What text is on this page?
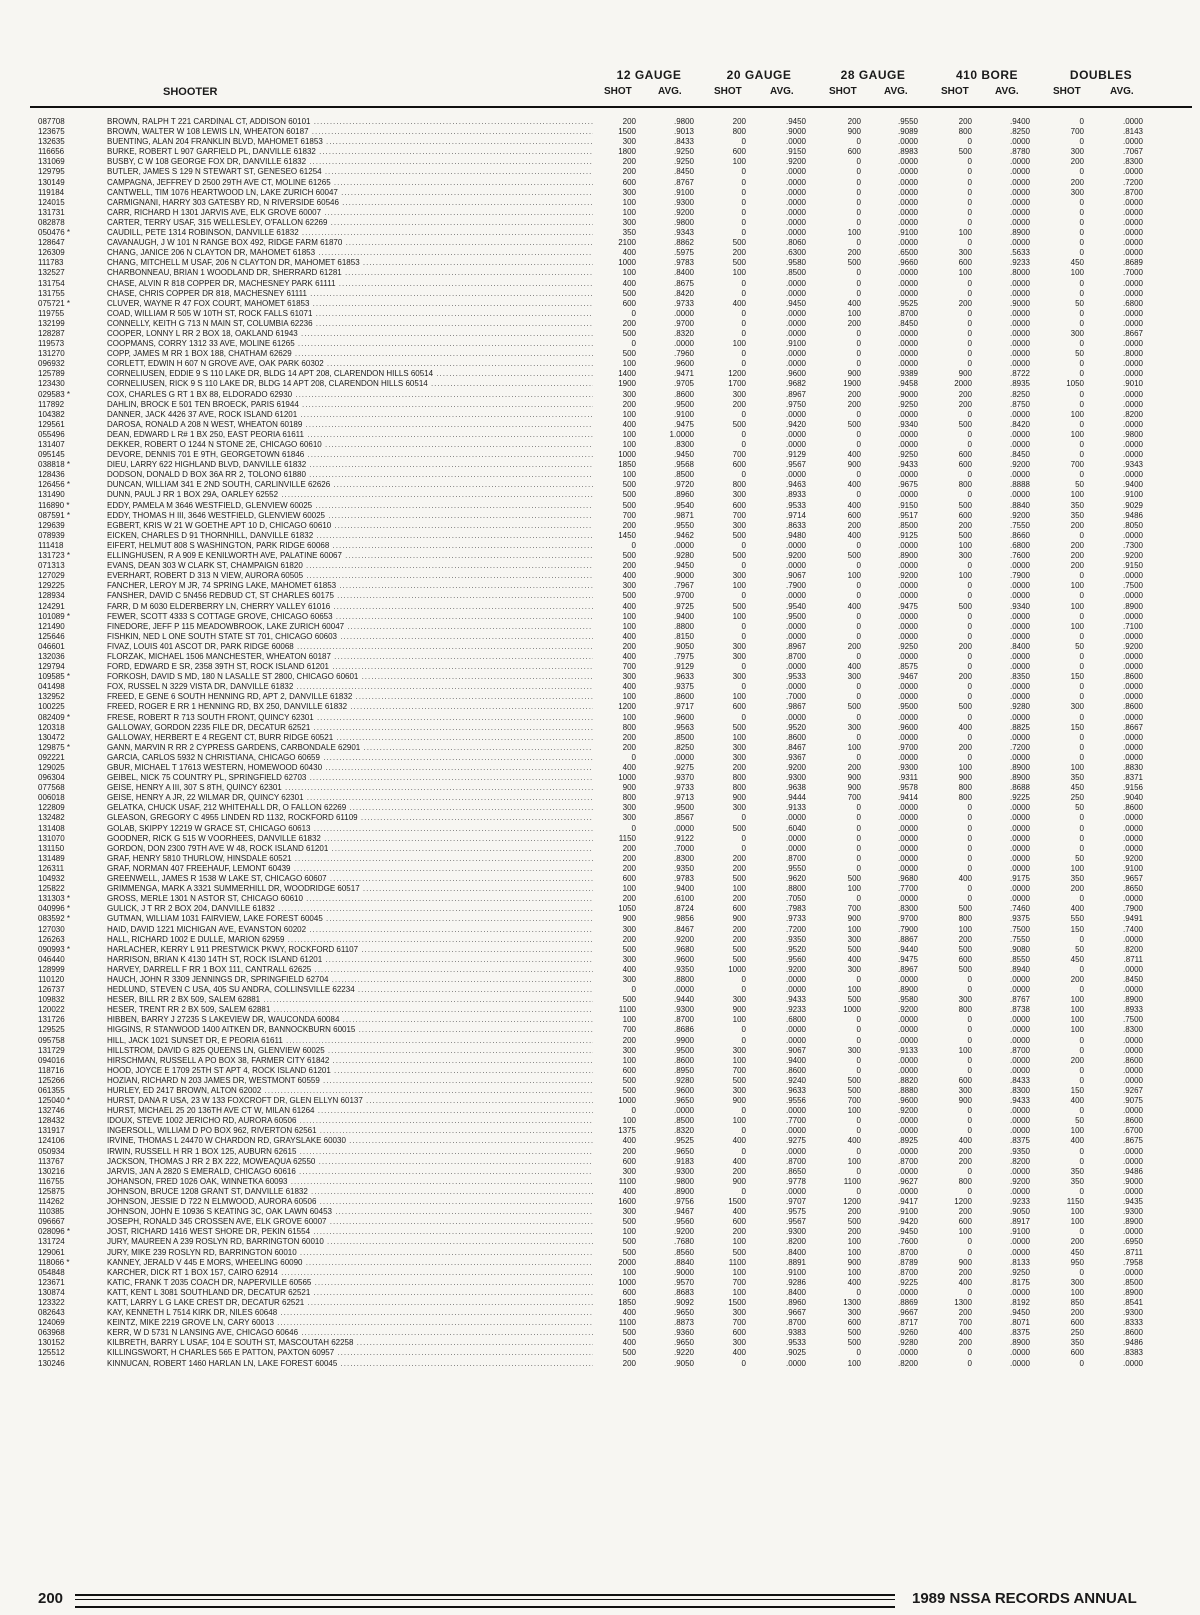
12 GAUGE	20 GAUGE	28 GAUGE	410 BORE	DOUBLES
SHOOTER	SHOT	AVG.	SHOT	AVG.	SHOT	AVG.	SHOT	AVG.	SHOT	AVG.
087708	BROWN, RALPH T 221 CARDINAL CT, ADDISON 60101 .....	200	.9800	200	.9450	200	.9550	200	.9400	0	.0000
123675	BROWN, WALTER W 108 LEWIS LN, WHEATON 60187 .....	1500	.9013	800	.9000	900	.9089	800	.8250	700	.8143
132635	BUENTING, ALAN 204 FRANKLIN BLVD, MAHOMET 61853 .....	300	.8433	0	.0000	0	.0000	0	.0000	0	.0000
116656	BURKE, ROBERT L 907 GARFIELD PL, DANVILLE 61832 .....	1800	.9250	600	.9150	600	.8983	500	.8780	300	.7067
131069	BUSBY, C W 108 GEORGE FOX DR, DANVILLE 61832 .....	200	.9250	100	.9200	0	.0000	0	.0000	200	.8300
129795	BUTLER, JAMES S 129 N STEWART ST, GENESEO 61254 .....	200	.8450	0	.0000	0	.0000	0	.0000	0	.0000
130149	CAMPAGNA, JEFFREY D 2500 29TH AVE CT, MOLINE 61265 .....	600	.8767	0	.0000	0	.0000	0	.0000	200	.7200
119184	CANTWELL, TIM 1076 HEARTWOOD LN, LAKE ZURICH 60047 .....	300	.9100	0	.0000	0	.0000	0	.0000	300	.8700
124015	CARMIGNANI, HARRY 303 GATESBY RD, N RIVERSIDE 60546 .....	100	.9300	0	.0000	0	.0000	0	.0000	0	.0000
131731	CARR, RICHARD H 1301 JARVIS AVE, ELK GROVE 60007 .....	100	.9200	0	.0000	0	.0000	0	.0000	0	.0000
082878	CARTER, TERRY USAF, 315 WELLESLEY, O'FALLON 62269 .....	300	.9800	0	.0000	0	.0000	0	.0000	0	.0000
050476 *	CAUDILL, PETE 1314 ROBINSON, DANVILLE 61832 .....	350	.9343	0	.0000	100	.9100	100	.8900	0	.0000
128647	CAVANAUGH, J W 101 N RANGE BOX 492, RIDGE FARM 61870 .....	2100	.8862	500	.8060	0	.0000	0	.0000	0	.0000
126309	CHANG, JANICE 206 N CLAYTON DR, MAHOMET 61853 .....	400	.5975	200	.6300	200	.6500	300	.5633	0	.0000
111783	CHANG, MITCHELL M USAF, 206 N CLAYTON DR, MAHOMET 61853 .....	1000	.9783	500	.9580	500	.9660	600	.9233	450	.8689
132527	CHARBONNEAU, BRIAN 1 WOODLAND DR, SHERRARD 61281 .....	100	.8400	100	.8500	0	.0000	100	.8000	100	.7000
131754	CHASE, ALVIN R 818 COPPER DR, MACHESNEY PARK 61111 .....	400	.8675	0	.0000	0	.0000	0	.0000	0	.0000
131755	CHASE, CHRIS COPPER DR 818, MACHESNEY 61111 .....	500	.8420	0	.0000	0	.0000	0	.0000	0	.0000
075721 *	CLUVER, WAYNE R 47 FOX COURT, MAHOMET 61853 .....	600	.9733	400	.9450	400	.9525	200	.9000	50	.6800
119755	COAD, WILLIAM R 505 W 10TH ST, ROCK FALLS 61071 .....	0	.0000	0	.0000	100	.8700	0	.0000	0	.0000
132199	CONNELLY, KEITH G 713 N MAIN ST, COLUMBIA 62236 .....	200	.9700	0	.0000	200	.8450	0	.0000	0	.0000
128287	COOPER, LONNY L RR 2 BOX 18, OAKLAND 61943 .....	500	.8320	0	.0000	0	.0000	0	.0000	300	.8667
119573	COOPMANS, CORRY 1312 33 AVE, MOLINE 61265 .....	0	.0000	100	.9100	0	.0000	0	.0000	0	.0000
131270	COPP, JAMES M RR 1 BOX 188, CHATHAM 62629 .....	500	.7960	0	.0000	0	.0000	0	.0000	50	.8000
096932	CORLETT, EDWIN H 607 N GROVE AVE, OAK PARK 60302 .....	100	.9600	0	.0000	0	.0000	0	.0000	0	.0000
125789	CORNELIUSEN, EDDIE 9 S 110 LAKE DR, BLDG 14 APT 208, CLARENDON HILLS 60514 .....	1400	.9471	1200	.9600	900	.9389	900	.8722	0	.0000
123430	CORNELIUSEN, RICK 9 S 110 LAKE DR, BLDG 14 APT 208, CLARENDON HILLS 60514 .....	1900	.9705	1700	.9682	1900	.9458	2000	.8935	1050	.9010
029583 *	COX, CHARLES G RT 1 BX 88, ELDORADO 62930 .....	300	.8600	300	.8967	200	.9000	200	.8250	0	.0000
117892	DAHLIN, BROCK E 501 TEN BROECK, PARIS 61944 .....	200	.9500	200	.9750	200	.9250	200	.8750	0	.0000
104382	DANNER, JACK 4426 37 AVE, ROCK ISLAND 61201 .....	100	.9100	0	.0000	0	.0000	0	.0000	100	.8200
129561	DAROSA, RONALD A 208 N WEST, WHEATON 60189 .....	400	.9475	500	.9420	500	.9340	500	.8420	0	.0000
055496	DEAN, EDWARD L R# 1 BX 250, EAST PEORIA 61611 .....	100	1.0000	0	.0000	0	.0000	0	.0000	100	.9800
131407	DEKKER, ROBERT O 1244 N STONE 2E, CHICAGO 60610 .....	100	.8300	0	.0000	0	.0000	0	.0000	0	.0000
095145	DEVORE, DENNIS 701 E 9TH, GEORGETOWN 61846 .....	1000	.9450	700	.9129	400	.9250	600	.8450	0	.0000
038818 *	DIEU, LARRY 622 HIGHLAND BLVD, DANVILLE 61832 .....	1850	.9568	600	.9567	900	.9433	600	.9200	700	.9343
128436	DODSON, DONALD D BOX 36A RR 2, TOLONO 61880 .....	100	.8500	0	.0000	0	.0000	0	.0000	0	.0000
126456 *	DUNCAN, WILLIAM 341 E 2ND SOUTH, CARLINVILLE 62626 .....	500	.9720	800	.9463	400	.9675	800	.8888	50	.9400
131490	DUNN, PAUL J RR 1 BOX 29A, OARLEY 62552 .....	500	.8960	300	.8933	0	.0000	0	.0000	100	.9100
116890 *	EDDY, PAMELA M 3646 WESTFIELD, GLENVIEW 60025 .....	500	.9540	600	.9533	400	.9150	500	.8840	350	.9029
087591 *	EDDY, THOMAS H III, 3646 WESTFIELD, GLENVIEW 60025 .....	700	.9871	700	.9714	600	.9517	600	.9200	350	.9486
129639	EGBERT, KRIS W 21 W GOETHE APT 10 D, CHICAGO 60610 .....	200	.9550	300	.8633	200	.8500	200	.7550	200	.8050
078939	EICKEN, CHARLES D 91 THORNHILL, DANVILLE 61832 .....	1450	.9462	500	.9480	400	.9125	500	.8660	0	.0000
111418	EIFERT, HELMUT 808 S WASHINGTON, PARK RIDGE 60068 .....	0	.0000	0	.0000	0	.0000	100	.6800	200	.7300
131723 *	ELLINGHUSEN, R A 909 E KENILWORTH AVE, PALATINE 60067 .....	500	.9280	500	.9200	500	.8900	300	.7600	200	.9200
071313	EVANS, DEAN 303 W CLARK ST, CHAMPAIGN 61820 .....	200	.9450	0	.0000	0	.0000	0	.0000	200	.9150
127029	EVERHART, ROBERT D 313 N VIEW, AURORA 60505 .....	400	.9000	300	.9067	100	.9200	100	.7900	0	.0000
129225	FANCHER, LEROY M JR, 74 SPRING LAKE, MAHOMET 61853 .....	300	.7967	100	.7900	0	.0000	0	.0000	100	.7500
128934	FANSHER, DAVID C 5N456 REDBUD CT, ST CHARLES 60175 .....	500	.9700	0	.0000	0	.0000	0	.0000	0	.0000
124291	FARR, D M 6030 ELDERBERRY LN, CHERRY VALLEY 61016 .....	400	.9725	500	.9540	400	.9475	500	.9340	100	.8900
101089 *	FEWER, SCOTT 4333 S COTTAGE GROVE, CHICAGO 60653 .....	100	.9400	100	.9500	0	.0000	0	.0000	0	.0000
121490	FINEDORE, JEFF P 115 MEADOWBROOK, LAKE ZURICH 60047 .....	100	.8800	0	.0000	0	.0000	0	.0000	100	.7100
125646	FISHKIN, NED L ONE SOUTH STATE ST 701, CHICAGO 60603 .....	400	.8150	0	.0000	0	.0000	0	.0000	0	.0000
046601	FIVAZ, LOUIS 401 ASCOT DR, PARK RIDGE 60068 .....	200	.9050	300	.8967	200	.9250	200	.8400	50	.9200
132036	FLORZAK, MICHAEL 1506 MANCHESTER, WHEATON 60187 .....	400	.7975	300	.8700	0	.0000	0	.0000	0	.0000
129794	FORD, EDWARD E SR, 2358 39TH ST, ROCK ISLAND 61201 .....	700	.9129	0	.0000	400	.8575	0	.0000	0	.0000
109585 *	FORKOSH, DAVID S MD, 180 N LASALLE ST 2800, CHICAGO 60601 .....	300	.9633	300	.9533	300	.9467	200	.8350	150	.8600
041498	FOX, RUSSEL N 3229 VISTA DR, DANVILLE 61832 .....	400	.9375	0	.0000	0	.0000	0	.0000	0	.0000
132952	FREED, E GENE 6 SOUTH HENNING RD, APT 2, DANVILLE 61832 .....	100	.8600	100	.7000	0	.0000	0	.0000	0	.0000
100225	FREED, ROGER E RR 1 HENNING RD, BX 250, DANVILLE 61832 .....	1200	.9717	600	.9867	500	.9500	500	.9280	300	.8600
082409 *	FRESE, ROBERT R 713 SOUTH FRONT, QUINCY 62301 .....	100	.9600	0	.0000	0	.0000	0	.0000	0	.0000
120318	GALLOWAY, GORDON 2235 FILE DR, DECATUR 62521 .....	800	.9563	500	.9520	300	.9600	400	.8825	150	.8667
130472	GALLOWAY, HERBERT E 4 REGENT CT, BURR RIDGE 60521 .....	200	.8500	100	.8600	0	.0000	0	.0000	0	.0000
129875 *	GANN, MARVIN R RR 2 CYPRESS GARDENS, CARBONDALE 62901 .....	200	.8250	300	.8467	100	.9700	200	.7200	0	.0000
092221	GARCIA, CARLOS 5932 N CHRISTIANA, CHICAGO 60659 .....	0	.0000	300	.9367	0	.0000	0	.0000	0	.0000
129025	GBUR, MICHAEL T 17613 WESTERN, HOMEWOOD 60430 .....	400	.9275	200	.9200	200	.9300	100	.8900	100	.8830
096304	GEIBEL, NICK 75 COUNTRY PL, SPRINGFIELD 62703 .....	1000	.9370	800	.9300	900	.9311	900	.8900	350	.8371
077568	GEISE, HENRY A III, 307 S 8TH, QUINCY 62301 .....	900	.9733	800	.9638	900	.9578	800	.8688	450	.9156
006018	GEISE, HENRY A JR, 22 WILMAR DR, QUINCY 62301 .....	800	.9713	900	.9444	700	.9414	800	.9225	250	.9040
122809	GELATKA, CHUCK USAF, 212 WHITEHALL DR, O FALLON 62269 .....	300	.9500	300	.9133	0	.0000	0	.0000	50	.8600
132482	GLEASON, GREGORY C 4955 LINDEN RD 1132, ROCKFORD 61109 .....	300	.8567	0	.0000	0	.0000	0	.0000	0	.0000
131408	GOLAB, SKIPPY 12219 W GRACE ST, CHICAGO 60613 .....	0	.0000	500	.6040	0	.0000	0	.0000	0	.0000
131070	GOODNER, RICK G 515 W VOORHEES, DANVILLE 61832 .....	1150	.9122	0	.0000	0	.0000	0	.0000	0	.0000
131150	GORDON, DON 2300 79TH AVE W 48, ROCK ISLAND 61201 .....	200	.7000	0	.0000	0	.0000	0	.0000	0	.0000
131489	GRAF, HENRY 5810 THURLOW, HINSDALE 60521 .....	200	.8300	200	.8700	0	.0000	0	.0000	50	.9200
126311	GRAF, NORMAN 407 FREEHAUF, LEMONT 60439 .....	200	.9350	200	.9550	0	.0000	0	.0000	100	.9100
104932	GREENWELL, JAMES R 1538 W LAKE ST, CHICAGO 60607 .....	600	.9783	500	.9620	500	.9680	400	.9175	350	.9657
125822	GRIMMENGA, MARK A 3321 SUMMERHILL DR, WOODRIDGE 60517 .....	100	.9400	100	.8800	100	.7700	0	.0000	200	.8650
131303 *	GROSS, MERLE 1301 N ASTOR ST, CHICAGO 60610 .....	200	.6100	200	.7050	0	.0000	0	.0000	0	.0000
040996 *	GULICK, J T RR 2 BOX 204, DANVILLE 61832 .....	1050	.8724	600	.7983	700	.8300	500	.7460	400	.7900
083592 *	GUTMAN, WILLIAM 1031 FAIRVIEW, LAKE FOREST 60045 .....	900	.9856	900	.9733	900	.9700	800	.9375	550	.9491
127030	HAID, DAVID 1221 MICHIGAN AVE, EVANSTON 60202 .....	300	.8467	200	.7200	100	.7900	100	.7500	150	.7400
126263	HALL, RICHARD 1002 E DULLE, MARION 62959 .....	200	.9200	200	.9350	300	.8867	200	.7550	0	.0000
090993 *	HARLACHER, KERRY L 911 PRESTWICK PKWY, ROCKFORD 61107 .....	500	.9680	500	.9520	500	.9440	500	.9080	50	.8200
046440	HARRISON, BRIAN K 4130 14TH ST, ROCK ISLAND 61201 .....	300	.9600	500	.9560	400	.9475	600	.8550	450	.8711
128999	HARVEY, DARRELL F RR 1 BOX 111, CANTRALL 62625 .....	400	.9350	1000	.9200	300	.8967	500	.8940	0	.0000
110120	HAUCH, JOHN R 3309 JENNINGS DR, SPRINGFIELD 62704 .....	300	.8800	0	.0000	0	.0000	0	.0000	200	.8450
126737	HEDLUND, STEVEN C USA, 405 SU ANDRA, COLLINSVILLE 62234 .....	0	.0000	0	.0000	100	.8900	0	.0000	0	.0000
109832	HESER, BILL RR 2 BX 509, SALEM 62881 .....	500	.9440	300	.9433	500	.9580	300	.8767	100	.8900
120022	HESER, TRENT RR 2 BX 509, SALEM 62881 .....	1100	.9300	900	.9233	1000	.9200	800	.8738	100	.8933
131726	HIBBEN, BARRY J 27235 S LAKEVIEW DR, WAUCONDA 60084 .....	100	.8700	100	.6800	0	.0000	0	.0000	100	.7500
129525	HIGGINS, R STANWOOD 1400 AITKEN DR, BANNOCKBURN 60015 .....	700	.8686	0	.0000	0	.0000	0	.0000	100	.8300
095758	HILL, JACK 1021 SUNSET DR, E PEORIA 61611 .....	200	.9900	0	.0000	0	.0000	0	.0000	0	.0000
131729	HILLSTROM, DAVID G 825 QUEENS LN, GLENVIEW 60025 .....	300	.9500	300	.9067	300	.9133	100	.8700	0	.0000
094016	HIRSCHMAN, RUSSELL A PO BOX 38, FARMER CITY 61842 .....	100	.8600	100	.9400	0	.0000	0	.0000	200	.8600
118716	HOOD, JOYCE E 1709 25TH ST APT 4, ROCK ISLAND 61201 .....	600	.8950	700	.8600	0	.0000	0	.0000	0	.0000
125266	HOZIAN, RICHARD N 203 JAMES DR, WESTMONT 60559 .....	500	.9280	500	.9240	500	.8820	600	.8433	0	.0000
061355	HURLEY, ED 2417 BROWN, ALTON 62002 .....	500	.9600	300	.9633	500	.8880	300	.8300	150	.9267
125040 *	HURST, DANA R USA, 23 W 133 FOXCROFT DR, GLEN ELLYN 60137 .....	1000	.9650	900	.9556	700	.9600	900	.9433	400	.9075
132746	HURST, MICHAEL 25 20 136TH AVE CT W, MILAN 61264 .....	0	.0000	0	.0000	100	.9200	0	.0000	0	.0000
128432	IDOUX, STEVE 1002 JERICHO RD, AURORA 60506 .....	100	.8500	100	.7700	0	.0000	0	.0000	50	.8600
131917	INGERSOLL, WILLIAM D PO BOX 962, RIVERTON 62561 .....	1375	.8320	0	.0000	0	.0000	0	.0000	100	.6700
124106	IRVINE, THOMAS L 24470 W CHARDON RD, GRAYSLAKE 60030 .....	400	.9525	400	.9275	400	.8925	400	.8375	400	.8675
050934	IRWIN, RUSSELL H RR 1 BOX 125, AUBURN 62615 .....	200	.9650	0	.0000	0	.0000	200	.9350	0	.0000
113767	JACKSON, THOMAS J RR 2 BX 222, MOWEAQUA 62550 .....	600	.9183	400	.8700	100	.8700	200	.8200	0	.0000
130216	JARVIS, JAN A 2820 S EMERALD, CHICAGO 60616 .....	300	.9300	200	.8650	0	.0000	0	.0000	350	.9486
116755	JOHANSON, FRED 1026 OAK, WINNETKA 60093 .....	1100	.9800	900	.9778	1100	.9627	800	.9200	350	.9000
125875	JOHNSON, BRUCE 1208 GRANT ST, DANVILLE 61832 .....	400	.8900	0	.0000	0	.0000	0	.0000	0	.0000
114262	JOHNSON, JESSIE D 722 N ELMWOOD, AURORA 60506 .....	1600	.9756	1500	.9707	1200	.9417	1200	.9233	1150	.9435
110385	JOHNSON, JOHN E 10936 S KEATING 3C, OAK LAWN 60453 .....	300	.9467	400	.9575	200	.9100	200	.9050	100	.9300
096667	JOSEPH, RONALD 345 CROSSEN AVE, ELK GROVE 60007 .....	500	.9560	600	.9567	500	.9420	600	.8917	100	.8900
028096 *	JOST, RICHARD 1416 WEST SHORE DR, PEKIN 61554 .....	100	.9200	200	.9300	200	.9450	100	.9100	0	.0000
131724	JURY, MAUREEN A 239 ROSLYN RD, BARRINGTON 60010 .....	500	.7680	100	.8200	100	.7600	0	.0000	200	.6950
129061	JURY, MIKE 239 ROSLYN RD, BARRINGTON 60010 .....	500	.8560	500	.8400	100	.8700	0	.0000	450	.8711
118066 *	KANNEY, JERALD V 445 E MORS, WHEELING 60090 .....	2000	.8840	1100	.8891	900	.8789	900	.8133	950	.7958
054848	KARCHER, DICK RT 1 BOX 157, CAIRO 62914 .....	100	.9000	100	.9100	100	.8700	200	.9250	0	.0000
123671	KATIC, FRANK T 2035 COACH DR, NAPERVILLE 60565 .....	1000	.9570	700	.9286	400	.9225	400	.8175	300	.8500
130874	KATT, KENT L 3081 SOUTHLAND DR, DECATUR 62521 .....	600	.8683	100	.8400	0	.0000	0	.0000	100	.8900
123322	KATT, LARRY L G LAKE CREST DR, DECATUR 62521 .....	1850	.9092	1500	.8960	1300	.8869	1300	.8192	850	.8541
082643	KAY, KENNETH L 7514 KIRK DR, NILES 60648 .....	400	.9650	300	.9667	300	.9667	200	.9450	200	.9300
124069	KEINTZ, MIKE 2219 GROVE LN, CARY 60013 .....	1100	.8873	700	.8700	600	.8717	700	.8071	600	.8333
063968	KERR, W D 5731 N LANSING AVE, CHICAGO 60646 .....	500	.9360	600	.9383	500	.9260	400	.8375	250	.8600
130152	KILBRETH, BARRY L USAF, 104 E SOUTH ST, MASCOUTAH 62258 .....	400	.9650	300	.9533	500	.9280	200	.8900	350	.9486
125512	KILLINGSWORT, H CHARLES 565 E PATTON, PAXTON 60957 .....	500	.9220	400	.9025	0	.0000	0	.0000	600	.8383
130246	KINNUCAN, ROBERT 1460 HARLAN LN, LAKE FOREST 60045 .....	200	.9050	0	.0000	100	.8200	0	.0000	0	.0000
200	1989 NSSA RECORDS ANNUAL
